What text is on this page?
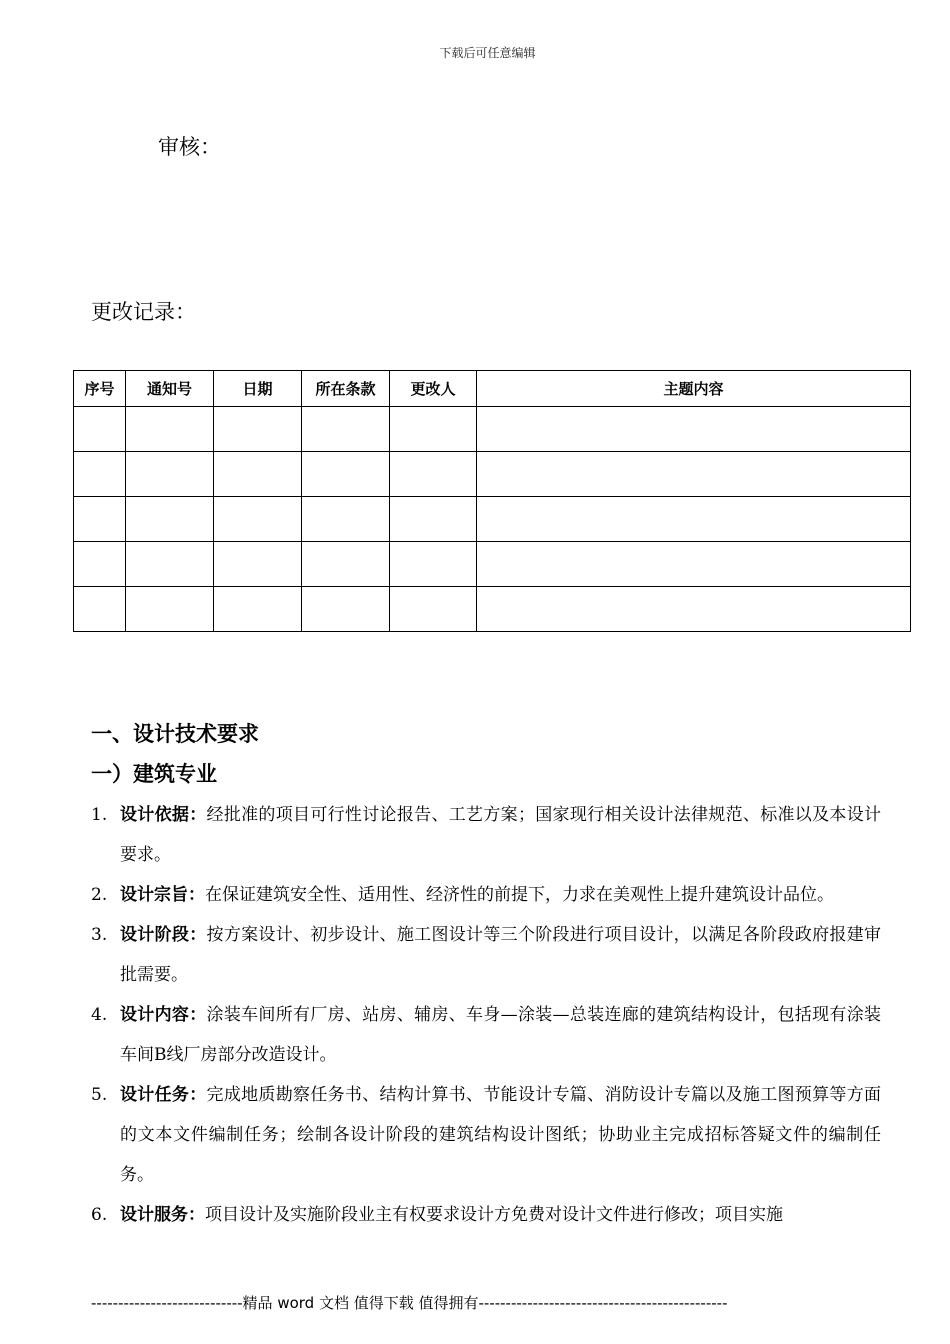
下载后可任意编辑
审核：
更改记录：
序号	通知号	日期	所在条款	更改人	主题内容

一、设计技术要求
一）建筑专业
1. 设计依据：经批准的项目可行性讨论报告、工艺方案；国家现行相关设计法律规范、标准以及本设计要求。
2. 设计宗旨：在保证建筑安全性、适用性、经济性的前提下，力求在美观性上提升建筑设计品位。
3. 设计阶段：按方案设计、初步设计、施工图设计等三个阶段进行项目设计，以满足各阶段政府报建审批需要。
4. 设计内容：涂装车间所有厂房、站房、辅房、车身—涂装—总装连廊的建筑结构设计，包括现有涂装车间B线厂房部分改造设计。
5. 设计任务：完成地质勘察任务书、结构计算书、节能设计专篇、消防设计专篇以及施工图预算等方面的文本文件编制任务；绘制各设计阶段的建筑结构设计图纸；协助业主完成招标答疑文件的编制任务。
6. 设计服务：项目设计及实施阶段业主有权要求设计方免费对设计文件进行修改；项目实施
----------------------------精品 word 文档 值得下载 值得拥有----------------------------------------------
